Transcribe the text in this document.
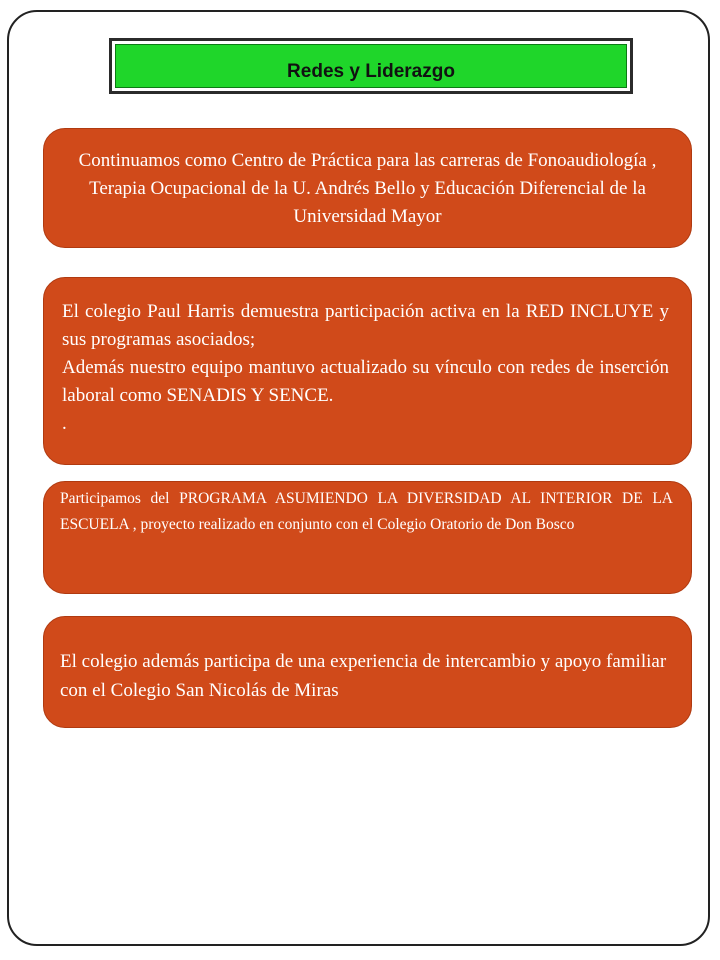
Redes y Liderazgo
Continuamos como Centro de Práctica para las carreras de Fonoaudiología , Terapia Ocupacional de la U. Andrés Bello y Educación Diferencial de la Universidad Mayor
El colegio Paul Harris demuestra participación activa en la RED INCLUYE y sus programas asociados;
Además nuestro equipo mantuvo actualizado su vínculo con redes de inserción laboral como SENADIS Y SENCE.
.
Participamos del PROGRAMA ASUMIENDO LA DIVERSIDAD AL INTERIOR DE LA ESCUELA , proyecto realizado en conjunto con el Colegio Oratorio de Don Bosco
El colegio además participa de una experiencia de intercambio y apoyo familiar con el Colegio San Nicolás de Miras
